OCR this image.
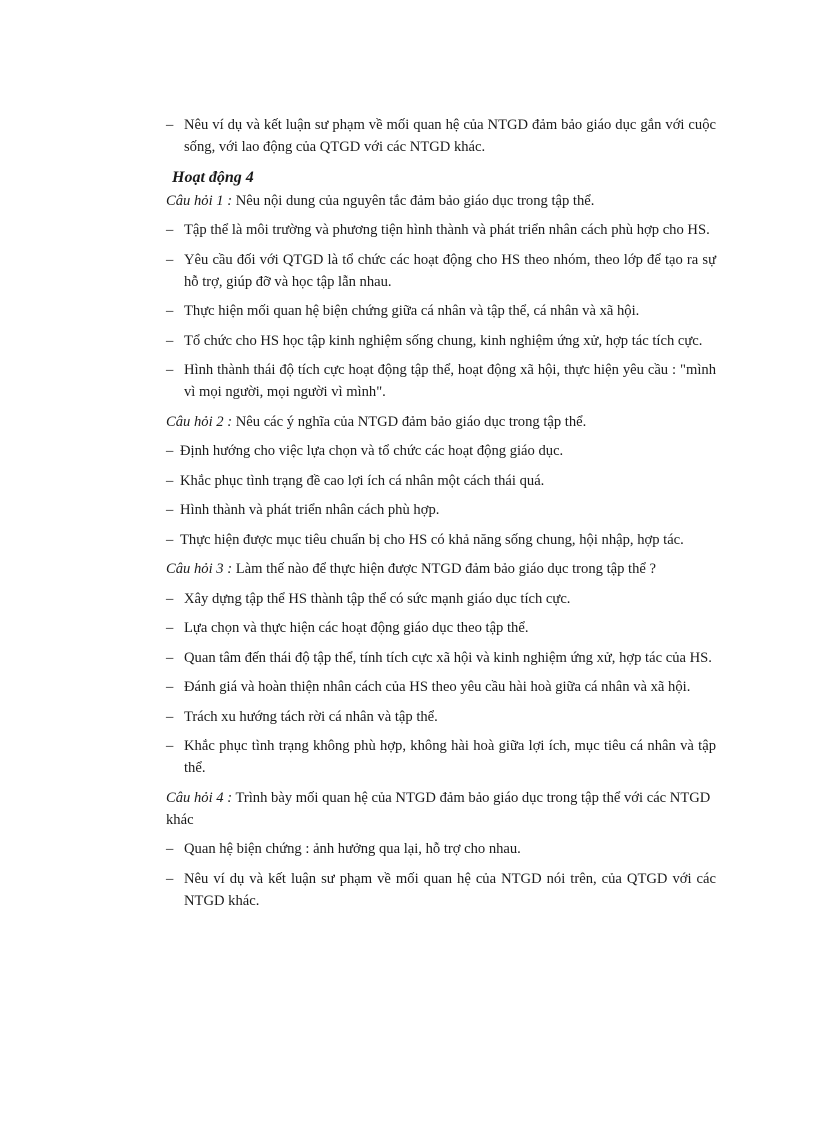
– Nêu ví dụ và kết luận sư phạm về mối quan hệ của NTGD đảm bảo giáo dục gắn với cuộc sống, với lao động của QTGD với các NTGD khác.
Hoạt động 4
Câu hỏi 1 : Nêu nội dung của nguyên tắc đảm bảo giáo dục trong tập thể.
– Tập thể là môi trường và phương tiện hình thành và phát triển nhân cách phù hợp cho HS.
– Yêu cầu đối với QTGD là tổ chức các hoạt động cho HS theo nhóm, theo lớp để tạo ra sự hỗ trợ, giúp đỡ và học tập lẫn nhau.
– Thực hiện mối quan hệ biện chứng giữa cá nhân và tập thể, cá nhân và xã hội.
– Tổ chức cho HS học tập kinh nghiệm sống chung, kinh nghiệm ứng xử, hợp tác tích cực.
– Hình thành thái độ tích cực hoạt động tập thể, hoạt động xã hội, thực hiện yêu cầu : "mình vì mọi người, mọi người vì mình".
Câu hỏi 2 : Nêu các ý nghĩa của NTGD đảm bảo giáo dục trong tập thể.
– Định hướng cho việc lựa chọn và tổ chức các hoạt động giáo dục.
– Khắc phục tình trạng đề cao lợi ích cá nhân một cách thái quá.
– Hình thành và phát triển nhân cách phù hợp.
– Thực hiện được mục tiêu chuẩn bị cho HS có khả năng sống chung, hội nhập, hợp tác.
Câu hỏi 3 : Làm thế nào để thực hiện được NTGD đảm bảo giáo dục trong tập thể ?
– Xây dựng tập thể HS thành tập thể có sức mạnh giáo dục tích cực.
– Lựa chọn và thực hiện các hoạt động giáo dục theo tập thể.
– Quan tâm đến thái độ tập thể, tính tích cực xã hội và kinh nghiệm ứng xử, hợp tác của HS.
– Đánh giá và hoàn thiện nhân cách của HS theo yêu cầu hài hoà giữa cá nhân và xã hội.
– Trách xu hướng tách rời cá nhân và tập thể.
– Khắc phục tình trạng không phù hợp, không hài hoà giữa lợi ích, mục tiêu cá nhân và tập thể.
Câu hỏi 4 : Trình bày mối quan hệ của NTGD đảm bảo giáo dục trong tập thể với các NTGD khác
– Quan hệ biện chứng : ảnh hưởng qua lại, hỗ trợ cho nhau.
– Nêu ví dụ và kết luận sư phạm về mối quan hệ của NTGD nói trên, của QTGD với các NTGD khác.
